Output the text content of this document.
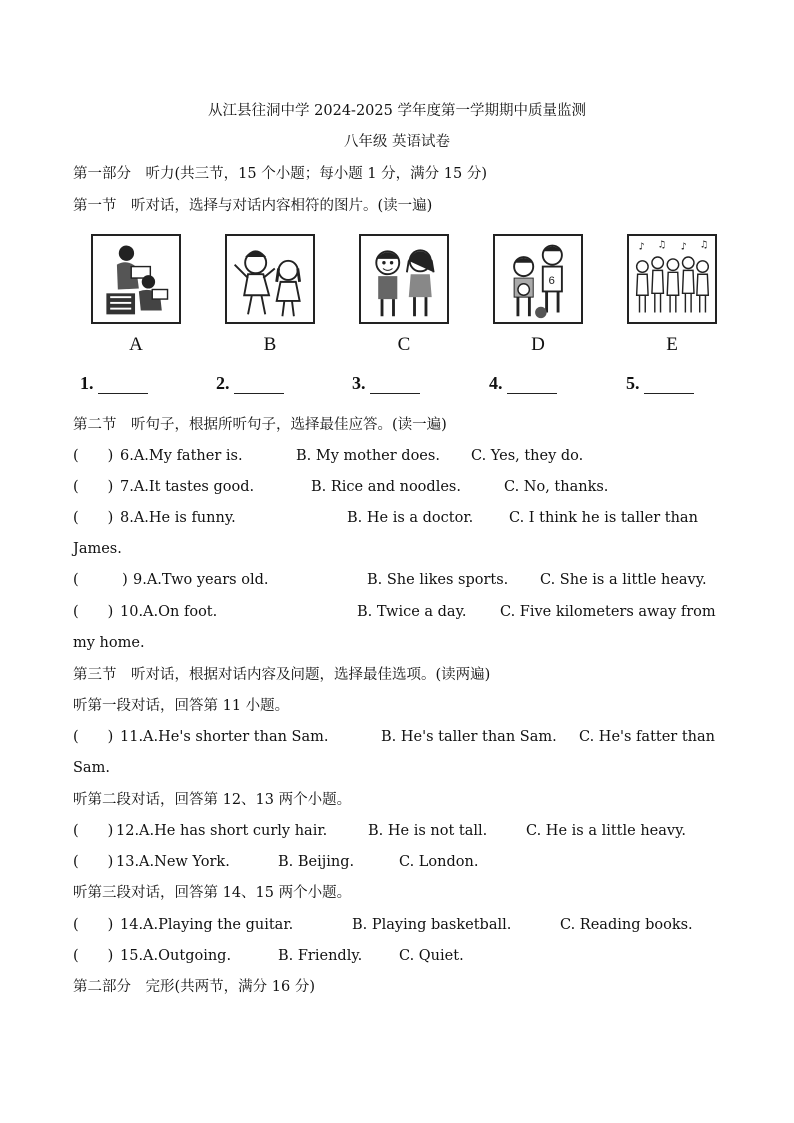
从江县往洞中学 2024-2025 学年度第一学期期中质量监测
八年级 英语试卷
第一部分　听力(共三节，15 个小题；每小题 1 分，满分 15 分)
第一节　听对话，选择与对话内容相符的图片。(读一遍)
6
♪ ♫ ♪ ♫
A	B	C	D	E
1.	2.	3.	4.	5.
第二节　听句子，根据所听句子，选择最佳应答。(读一遍)
(　　) 6.A.My father is.	B. My mother does. C. Yes, they do.
(　　) 7.A.It tastes good.	B. Rice and noodles.	C. No, thanks.
(　　) 8.A.He is funny.	B. He is a doctor. C. I think he is taller than
James.
(　　　) 9.A.Two years old.	B. She likes sports. C. She is a little heavy.
(　　) 10.A.On foot.	B. Twice a day. C. Five kilometers away from
my home.
第三节　听对话，根据对话内容及问题，选择最佳选项。(读两遍)
听第一段对话，回答第 11 小题。
(　　) 11.A.He's shorter than Sam.	B. He's taller than Sam. C. He's fatter than
Sam.
听第二段对话，回答第 12、13 两个小题。
(　　) 12.A.He has short curly hair.	B. He is not tall.	C. He is a little heavy.
(　　) 13.A.New York.	B. Beijing.	C. London.
听第三段对话，回答第 14、15 两个小题。
(　　) 14.A.Playing the guitar.	B. Playing basketball.	C. Reading books.
(　　) 15.A.Outgoing.	B. Friendly.	C. Quiet.
第二部分　完形(共两节，满分 16 分)
